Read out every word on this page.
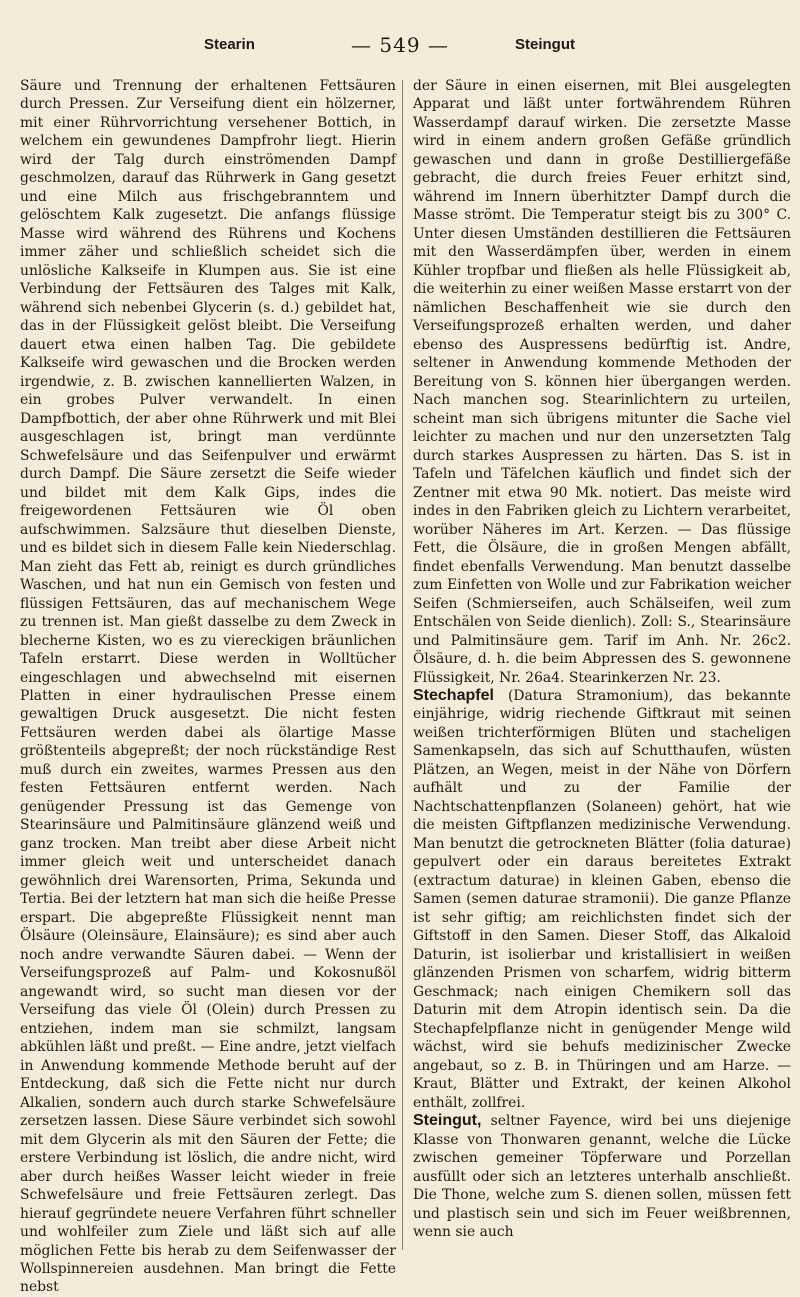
Stearin	— 549 —	Steingut

Säure und Trennung der erhaltenen Fettsäuren durch Pressen. Zur Verseifung dient ein hölzerner, mit einer Rührvorrichtung versehener Bottich, in welchem ein gewundenes Dampfrohr liegt. Hierin wird der Talg durch einströmenden Dampf geschmolzen, darauf das Rührwerk in Gang gesetzt und eine Milch aus frischgebranntem und gelöschtem Kalk zugesetzt. Die anfangs flüssige Masse wird während des Rührens und Kochens immer zäher und schließlich scheidet sich die unlösliche Kalkseife in Klumpen aus. Sie ist eine Verbindung der Fettsäuren des Talges mit Kalk, während sich nebenbei Glycerin (s. d.) gebildet hat, das in der Flüssigkeit gelöst bleibt. Die Verseifung dauert etwa einen halben Tag. Die gebildete Kalkseife wird gewaschen und die Brocken werden irgendwie, z. B. zwischen kannellierten Walzen, in ein grobes Pulver verwandelt. In einen Dampfbottich, der aber ohne Rührwerk und mit Blei ausgeschlagen ist, bringt man verdünnte Schwefelsäure und das Seifenpulver und erwärmt durch Dampf. Die Säure zersetzt die Seife wieder und bildet mit dem Kalk Gips, indes die freigewordenen Fettsäuren wie Öl oben aufschwimmen. Salzsäure thut dieselben Dienste, und es bildet sich in diesem Falle kein Niederschlag. Man zieht das Fett ab, reinigt es durch gründliches Waschen, und hat nun ein Gemisch von festen und flüssigen Fettsäuren, das auf mechanischem Wege zu trennen ist. Man gießt dasselbe zu dem Zweck in blecherne Kisten, wo es zu viereckigen bräunlichen Tafeln erstarrt. Diese werden in Wolltücher eingeschlagen und abwechselnd mit eisernen Platten in einer hydraulischen Presse einem gewaltigen Druck ausgesetzt. Die nicht festen Fettsäuren werden dabei als ölartige Masse größtenteils abgepreßt; der noch rückständige Rest muß durch ein zweites, warmes Pressen aus den festen Fettsäuren entfernt werden. Nach genügender Pressung ist das Gemenge von Stearinsäure und Palmitinsäure glänzend weiß und ganz trocken. Man treibt aber diese Arbeit nicht immer gleich weit und unterscheidet danach gewöhnlich drei Warensorten, Prima, Sekunda und Tertia. Bei der letztern hat man sich die heiße Presse erspart. Die abgepreßte Flüssigkeit nennt man Ölsäure (Oleinsäure, Elainsäure); es sind aber auch noch andre verwandte Säuren dabei. — Wenn der Verseifungsprozeß auf Palm- und Kokosnußöl angewandt wird, so sucht man diesen vor der Verseifung das viele Öl (Olein) durch Pressen zu entziehen, indem man sie schmilzt, langsam abkühlen läßt und preßt. — Eine andre, jetzt vielfach in Anwendung kommende Methode beruht auf der Entdeckung, daß sich die Fette nicht nur durch Alkalien, sondern auch durch starke Schwefelsäure zersetzen lassen. Diese Säure verbindet sich sowohl mit dem Glycerin als mit den Säuren der Fette; die erstere Verbindung ist löslich, die andre nicht, wird aber durch heißes Wasser leicht wieder in freie Schwefelsäure und freie Fettsäuren zerlegt. Das hierauf gegründete neuere Verfahren führt schneller und wohlfeiler zum Ziele und läßt sich auf alle möglichen Fette bis herab zu dem Seifenwasser der Wollspinnereien ausdehnen. Man bringt die Fette nebst

der Säure in einen eisernen, mit Blei ausgelegten Apparat und läßt unter fortwährendem Rühren Wasserdampf darauf wirken. Die zersetzte Masse wird in einem andern großen Gefäße gründlich gewaschen und dann in große Destilliergefäße gebracht, die durch freies Feuer erhitzt sind, während im Innern überhitzter Dampf durch die Masse strömt. Die Temperatur steigt bis zu 300° C. Unter diesen Umständen destillieren die Fettsäuren mit den Wasserdämpfen über, werden in einem Kühler tropfbar und fließen als helle Flüssigkeit ab, die weiterhin zu einer weißen Masse erstarrt von der nämlichen Beschaffenheit wie sie durch den Verseifungsprozeß erhalten werden, und daher ebenso des Auspressens bedürftig ist. Andre, seltener in Anwendung kommende Methoden der Bereitung von S. können hier übergangen werden. Nach manchen sog. Stearinlichtern zu urteilen, scheint man sich übrigens mitunter die Sache viel leichter zu machen und nur den unzersetzten Talg durch starkes Auspressen zu härten. Das S. ist in Tafeln und Täfelchen käuflich und findet sich der Zentner mit etwa 90 Mk. notiert. Das meiste wird indes in den Fabriken gleich zu Lichtern verarbeitet, worüber Näheres im Art. Kerzen. — Das flüssige Fett, die Ölsäure, die in großen Mengen abfällt, findet ebenfalls Verwendung. Man benutzt dasselbe zum Einfetten von Wolle und zur Fabrikation weicher Seifen (Schmierseifen, auch Schälseifen, weil zum Entschälen von Seide dienlich). Zoll: S., Stearinsäure und Palmitinsäure gem. Tarif im Anh. Nr. 26c2. Ölsäure, d. h. die beim Abpressen des S. gewonnene Flüssigkeit, Nr. 26a4. Stearinkerzen Nr. 23.

Stechapfel (Datura Stramonium), das bekannte einjährige, widrig riechende Giftkraut mit seinen weißen trichterförmigen Blüten und stacheligen Samenkapseln, das sich auf Schutthaufen, wüsten Plätzen, an Wegen, meist in der Nähe von Dörfern aufhält und zu der Familie der Nachtschattenpflanzen (Solaneen) gehört, hat wie die meisten Giftpflanzen medizinische Verwendung. Man benutzt die getrockneten Blätter (folia daturae) gepulvert oder ein daraus bereitetes Extrakt (extractum daturae) in kleinen Gaben, ebenso die Samen (semen daturae stramonii). Die ganze Pflanze ist sehr giftig; am reichlichsten findet sich der Giftstoff in den Samen. Dieser Stoff, das Alkaloid Daturin, ist isolierbar und kristallisiert in weißen glänzenden Prismen von scharfem, widrig bitterm Geschmack; nach einigen Chemikern soll das Daturin mit dem Atropin identisch sein. Da die Stechapfelpflanze nicht in genügender Menge wild wächst, wird sie behufs medizinischer Zwecke angebaut, so z. B. in Thüringen und am Harze. — Kraut, Blätter und Extrakt, der keinen Alkohol enthält, zollfrei.

Steingut, seltner Fayence, wird bei uns diejenige Klasse von Thonwaren genannt, welche die Lücke zwischen gemeiner Töpferware und Porzellan ausfüllt oder sich an letzteres unterhalb anschließt. Die Thone, welche zum S. dienen sollen, müssen fett und plastisch sein und sich im Feuer weißbrennen, wenn sie auch
